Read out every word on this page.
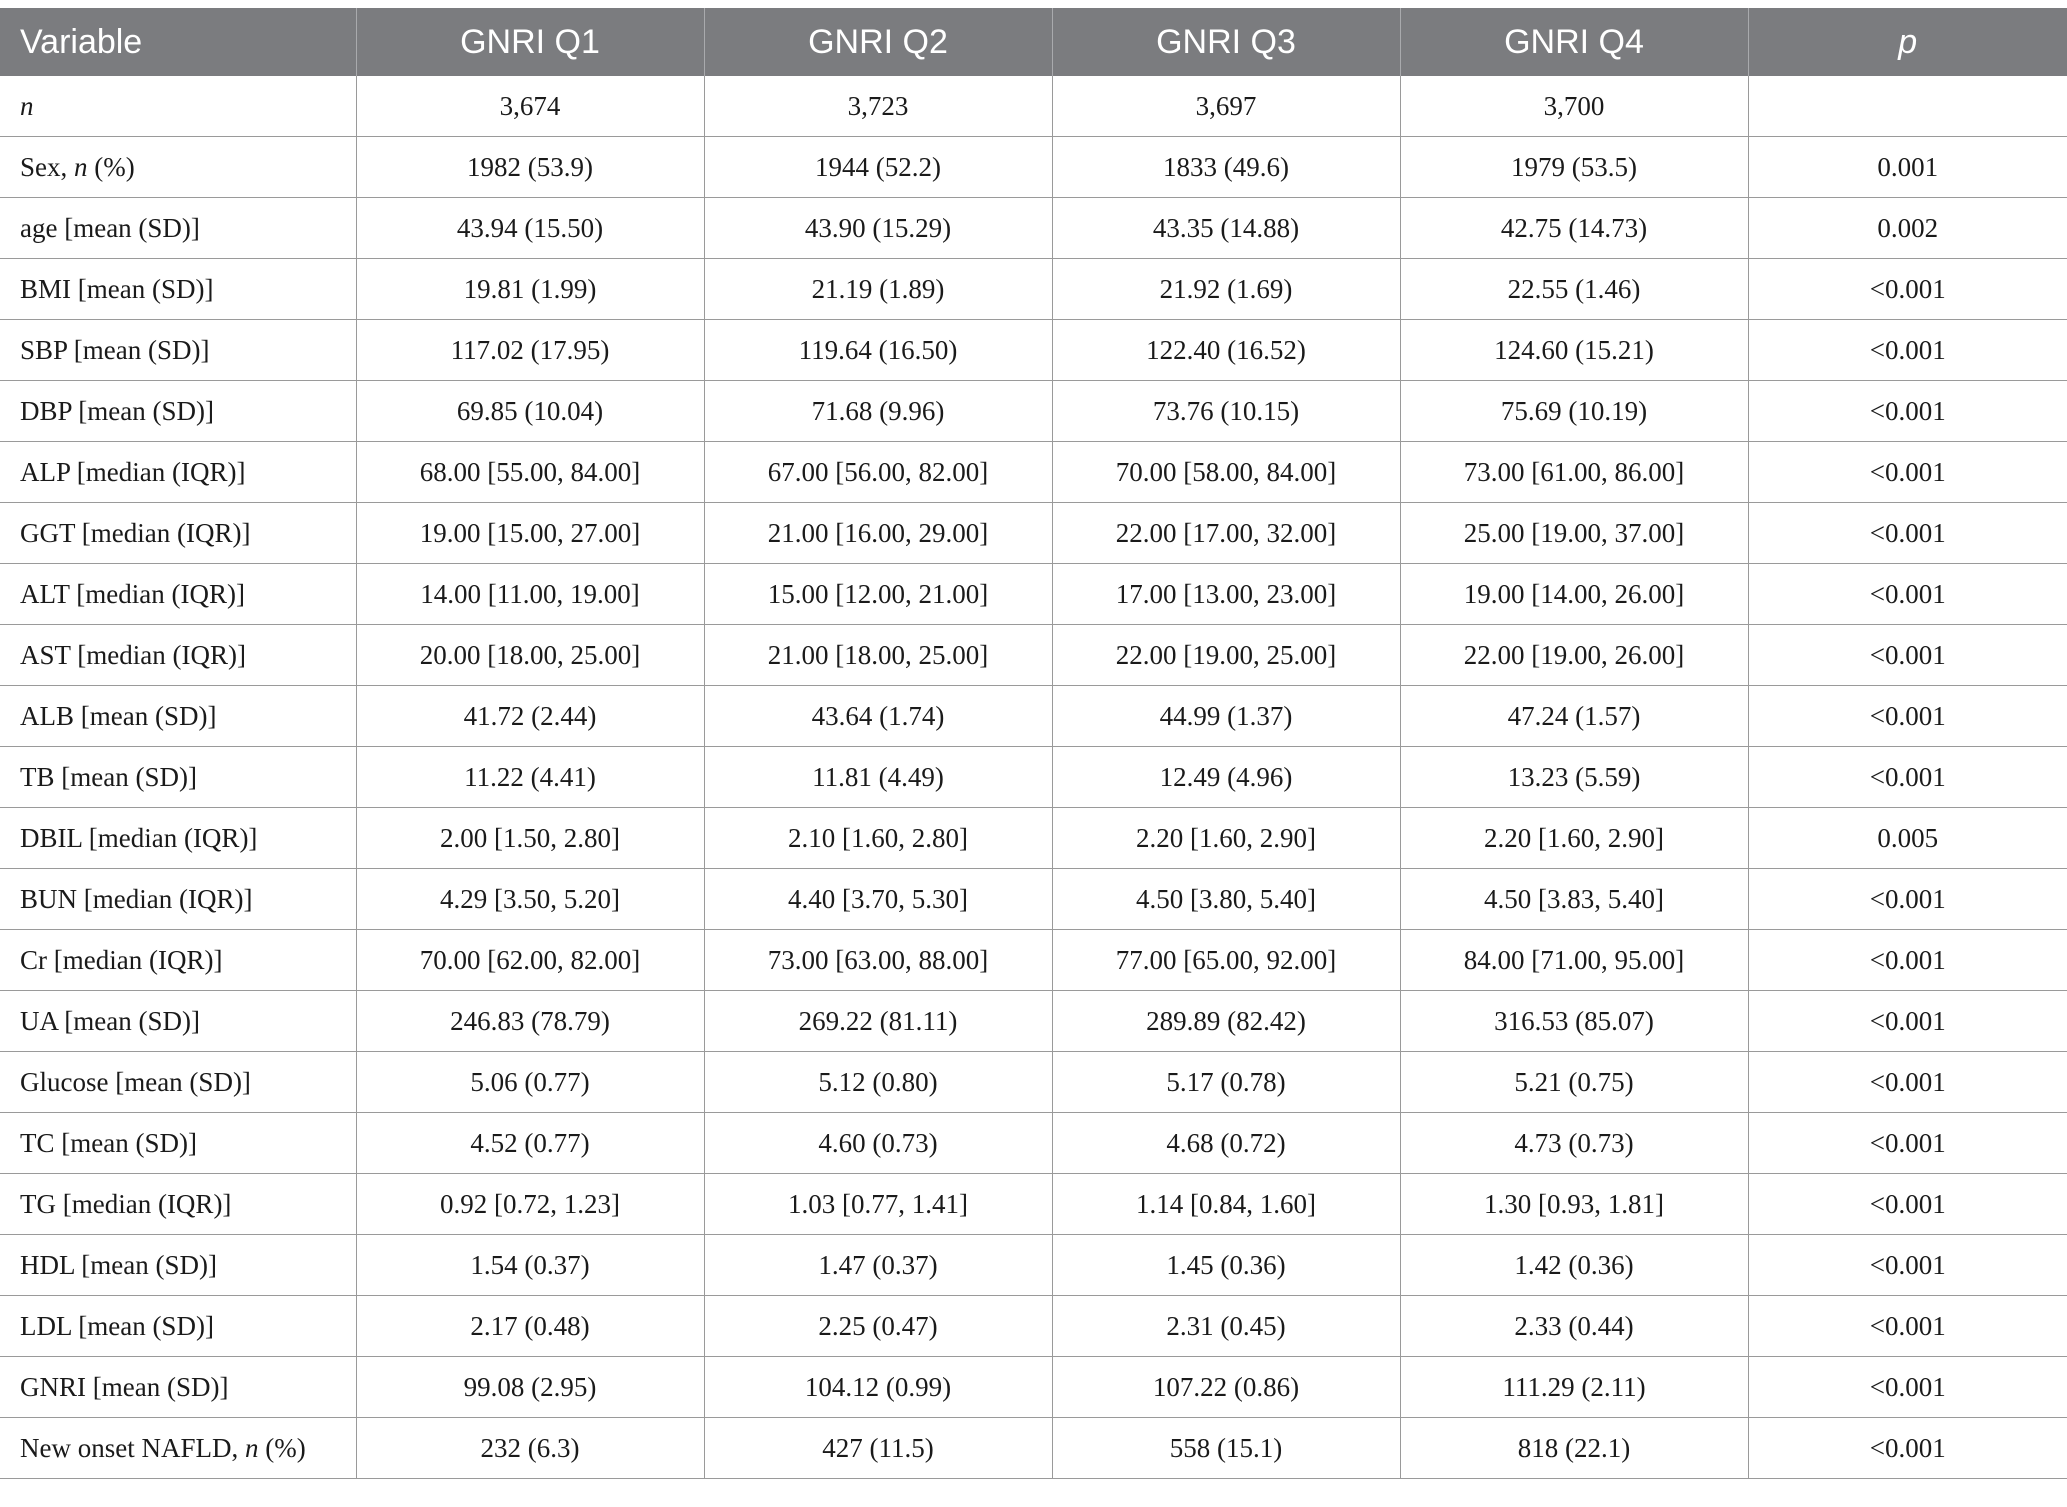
Variable	GNRI Q1	GNRI Q2	GNRI Q3	GNRI Q4	p
n	3,674	3,723	3,697	3,700	
Sex, n (%)	1982 (53.9)	1944 (52.2)	1833 (49.6)	1979 (53.5)	0.001
age [mean (SD)]	43.94 (15.50)	43.90 (15.29)	43.35 (14.88)	42.75 (14.73)	0.002
BMI [mean (SD)]	19.81 (1.99)	21.19 (1.89)	21.92 (1.69)	22.55 (1.46)	<0.001
SBP [mean (SD)]	117.02 (17.95)	119.64 (16.50)	122.40 (16.52)	124.60 (15.21)	<0.001
DBP [mean (SD)]	69.85 (10.04)	71.68 (9.96)	73.76 (10.15)	75.69 (10.19)	<0.001
ALP [median (IQR)]	68.00 [55.00, 84.00]	67.00 [56.00, 82.00]	70.00 [58.00, 84.00]	73.00 [61.00, 86.00]	<0.001
GGT [median (IQR)]	19.00 [15.00, 27.00]	21.00 [16.00, 29.00]	22.00 [17.00, 32.00]	25.00 [19.00, 37.00]	<0.001
ALT [median (IQR)]	14.00 [11.00, 19.00]	15.00 [12.00, 21.00]	17.00 [13.00, 23.00]	19.00 [14.00, 26.00]	<0.001
AST [median (IQR)]	20.00 [18.00, 25.00]	21.00 [18.00, 25.00]	22.00 [19.00, 25.00]	22.00 [19.00, 26.00]	<0.001
ALB [mean (SD)]	41.72 (2.44)	43.64 (1.74)	44.99 (1.37)	47.24 (1.57)	<0.001
TB [mean (SD)]	11.22 (4.41)	11.81 (4.49)	12.49 (4.96)	13.23 (5.59)	<0.001
DBIL [median (IQR)]	2.00 [1.50, 2.80]	2.10 [1.60, 2.80]	2.20 [1.60, 2.90]	2.20 [1.60, 2.90]	0.005
BUN [median (IQR)]	4.29 [3.50, 5.20]	4.40 [3.70, 5.30]	4.50 [3.80, 5.40]	4.50 [3.83, 5.40]	<0.001
Cr [median (IQR)]	70.00 [62.00, 82.00]	73.00 [63.00, 88.00]	77.00 [65.00, 92.00]	84.00 [71.00, 95.00]	<0.001
UA [mean (SD)]	246.83 (78.79)	269.22 (81.11)	289.89 (82.42)	316.53 (85.07)	<0.001
Glucose [mean (SD)]	5.06 (0.77)	5.12 (0.80)	5.17 (0.78)	5.21 (0.75)	<0.001
TC [mean (SD)]	4.52 (0.77)	4.60 (0.73)	4.68 (0.72)	4.73 (0.73)	<0.001
TG [median (IQR)]	0.92 [0.72, 1.23]	1.03 [0.77, 1.41]	1.14 [0.84, 1.60]	1.30 [0.93, 1.81]	<0.001
HDL [mean (SD)]	1.54 (0.37)	1.47 (0.37)	1.45 (0.36)	1.42 (0.36)	<0.001
LDL [mean (SD)]	2.17 (0.48)	2.25 (0.47)	2.31 (0.45)	2.33 (0.44)	<0.001
GNRI [mean (SD)]	99.08 (2.95)	104.12 (0.99)	107.22 (0.86)	111.29 (2.11)	<0.001
New onset NAFLD, n (%)	232 (6.3)	427 (11.5)	558 (15.1)	818 (22.1)	<0.001
